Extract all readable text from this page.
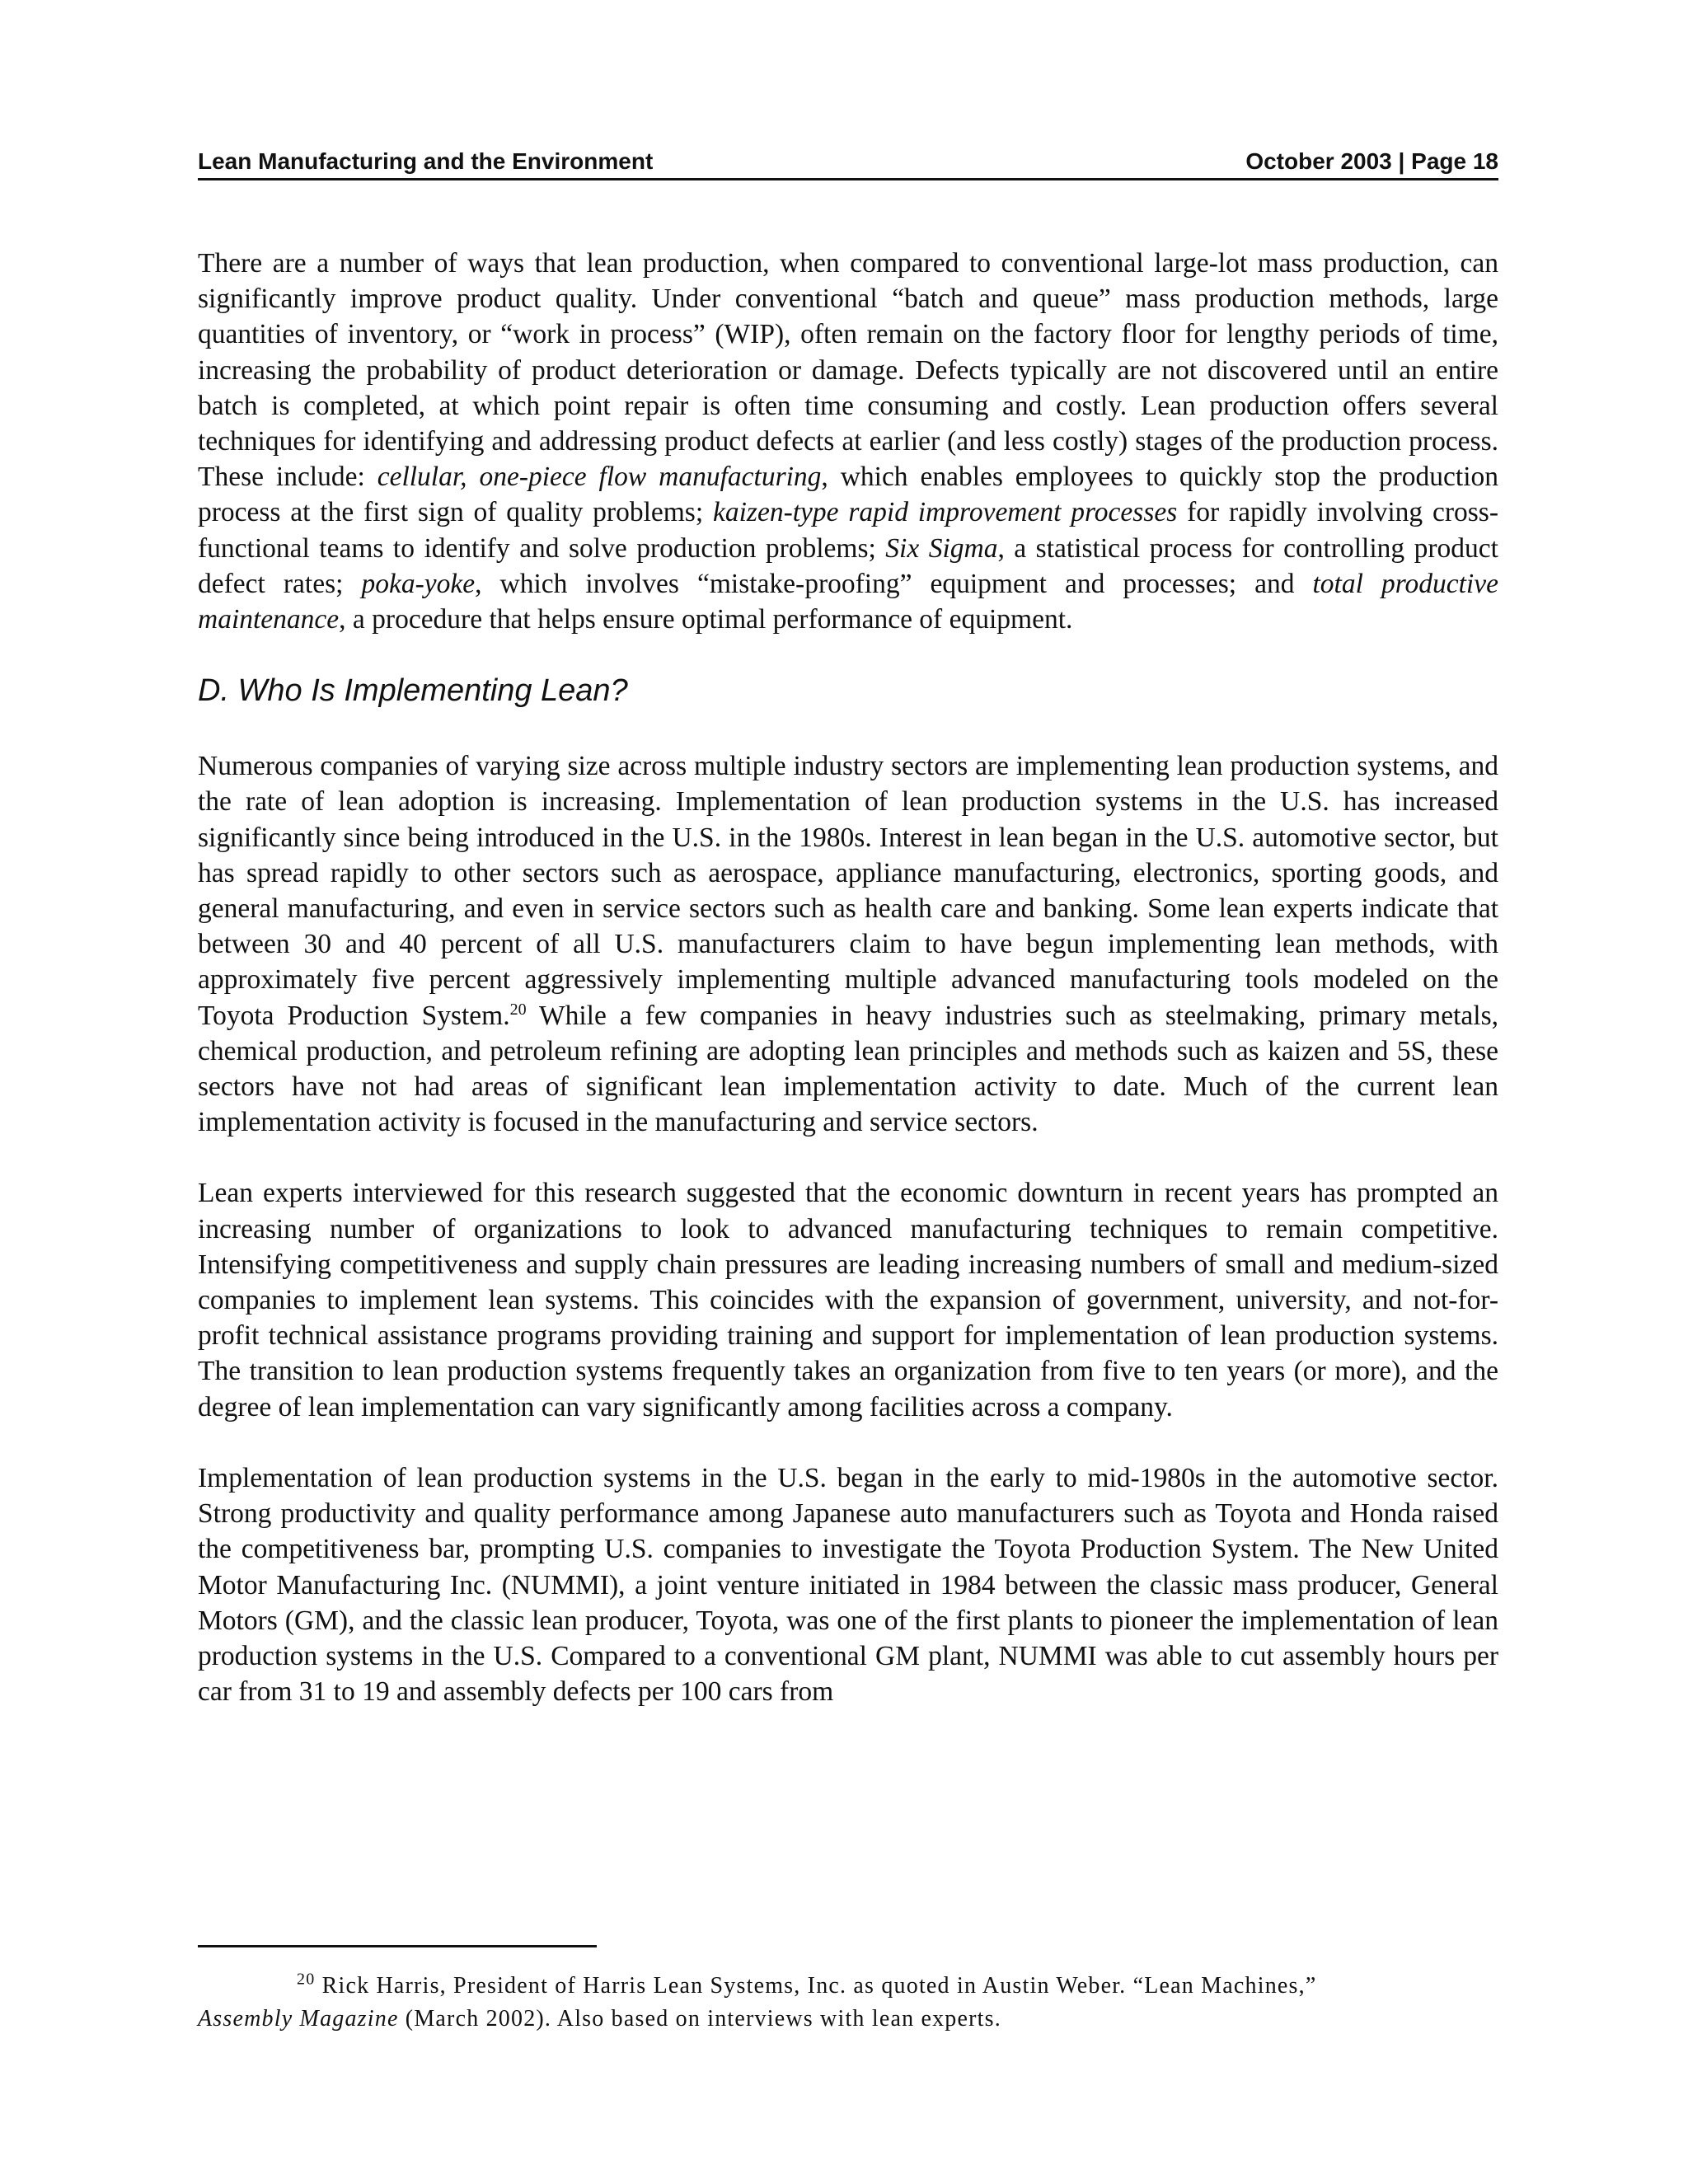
Lean Manufacturing and the Environment	October 2003 | Page 18

There are a number of ways that lean production, when compared to conventional large-lot mass production, can significantly improve product quality. Under conventional “batch and queue” mass production methods, large quantities of inventory, or “work in process” (WIP), often remain on the factory floor for lengthy periods of time, increasing the probability of product deterioration or damage. Defects typically are not discovered until an entire batch is completed, at which point repair is often time consuming and costly. Lean production offers several techniques for identifying and addressing product defects at earlier (and less costly) stages of the production process. These include: cellular, one-piece flow manufacturing, which enables employees to quickly stop the production process at the first sign of quality problems; kaizen-type rapid improvement processes for rapidly involving cross-functional teams to identify and solve production problems; Six Sigma, a statistical process for controlling product defect rates; poka-yoke, which involves “mistake-proofing” equipment and processes; and total productive maintenance, a procedure that helps ensure optimal performance of equipment.

D. Who Is Implementing Lean?

Numerous companies of varying size across multiple industry sectors are implementing lean production systems, and the rate of lean adoption is increasing. Implementation of lean production systems in the U.S. has increased significantly since being introduced in the U.S. in the 1980s. Interest in lean began in the U.S. automotive sector, but has spread rapidly to other sectors such as aerospace, appliance manufacturing, electronics, sporting goods, and general manufacturing, and even in service sectors such as health care and banking. Some lean experts indicate that between 30 and 40 percent of all U.S. manufacturers claim to have begun implementing lean methods, with approximately five percent aggressively implementing multiple advanced manufacturing tools modeled on the Toyota Production System.$^{20}$ While a few companies in heavy industries such as steelmaking, primary metals, chemical production, and petroleum refining are adopting lean principles and methods such as kaizen and 5S, these sectors have not had areas of significant lean implementation activity to date. Much of the current lean implementation activity is focused in the manufacturing and service sectors.

Lean experts interviewed for this research suggested that the economic downturn in recent years has prompted an increasing number of organizations to look to advanced manufacturing techniques to remain competitive. Intensifying competitiveness and supply chain pressures are leading increasing numbers of small and medium-sized companies to implement lean systems. This coincides with the expansion of government, university, and not-for-profit technical assistance programs providing training and support for implementation of lean production systems. The transition to lean production systems frequently takes an organization from five to ten years (or more), and the degree of lean implementation can vary significantly among facilities across a company.

Implementation of lean production systems in the U.S. began in the early to mid-1980s in the automotive sector. Strong productivity and quality performance among Japanese auto manufacturers such as Toyota and Honda raised the competitiveness bar, prompting U.S. companies to investigate the Toyota Production System. The New United Motor Manufacturing Inc. (NUMMI), a joint venture initiated in 1984 between the classic mass producer, General Motors (GM), and the classic lean producer, Toyota, was one of the first plants to pioneer the implementation of lean production systems in the U.S. Compared to a conventional GM plant, NUMMI was able to cut assembly hours per car from 31 to 19 and assembly defects per 100 cars from

$^{20}$ Rick Harris, President of Harris Lean Systems, Inc. as quoted in Austin Weber. “Lean Machines,”
Assembly Magazine (March 2002). Also based on interviews with lean experts.
